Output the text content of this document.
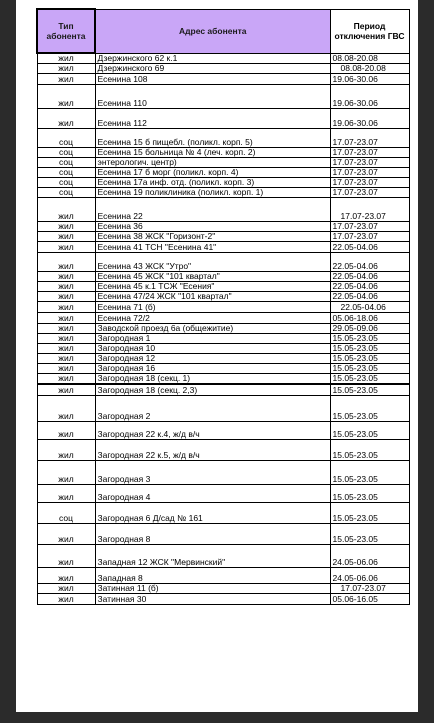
Тип абонента	Адрес абонента	Период отключения ГВС
жил	Дзержинского 62 к.1	08.08-20.08
жил	Дзержинского 69	08.08-20.08
жил	Есенина 108	19.06-30.06
жил	Есенина 110	19.06-30.06
жил	Есенина 112	19.06-30.06
соц	Есенина 15 б пищебл. (поликл. корп. 5)	17.07-23.07
соц	Есенина 15 больница № 4 (леч. корп. 2)	17.07-23.07
соц	энтерологич. центр)	17.07-23.07
соц	Есенина 17 б морг (поликл. корп. 4)	17.07-23.07
соц	Есенина 17а инф. отд. (поликл. корп. 3)	17.07-23.07
соц	Есенина 19 поликлиника (поликл. корп. 1)	17.07-23.07
жил	Есенина 22	17.07-23.07
жил	Есенина 36	17.07-23.07
жил	Есенина 38 ЖСК "Горизонт-2"	17.07-23.07
жил	Есенина 41 ТСН "Есенина 41"	22.05-04.06
жил	Есенина 43 ЖСК "Утро"	22.05-04.06
жил	Есенина 45 ЖСК "101 квартал"	22.05-04.06
жил	Есенина 45 к.1 ТСЖ "Есения"	22.05-04.06
жил	Есенина 47/24 ЖСК "101 квартал"	22.05-04.06
жил	Есенина 71 (б)	22.05-04.06
жил	Есенина 72/2	05.06-18.06
жил	Заводской проезд 6а (общежитие)	29.05-09.06
жил	Загородная 1	15.05-23.05
жил	Загородная 10	15.05-23.05
жил	Загородная 12	15.05-23.05
жил	Загородная 16	15.05-23.05
жил	Загородная 18 (секц. 1)	15.05-23.05
жил	Загородная 18 (секц. 2,3)	15.05-23.05
жил	Загородная 2	15.05-23.05
жил	Загородная 22 к.4, ж/д в/ч	15.05-23.05
жил	Загородная 22 к.5, ж/д в/ч	15.05-23.05
жил	Загородная 3	15.05-23.05
жил	Загородная 4	15.05-23.05
соц	Загородная 6 Д/сад № 161	15.05-23.05
жил	Загородная 8	15.05-23.05
жил	Западная 12 ЖСК "Мервинский"	24.05-06.06
жил	Западная 8	24.05-06.06
жил	Затинная 11 (б)	17.07-23.07
жил	Затинная 30	05.06-16.05
